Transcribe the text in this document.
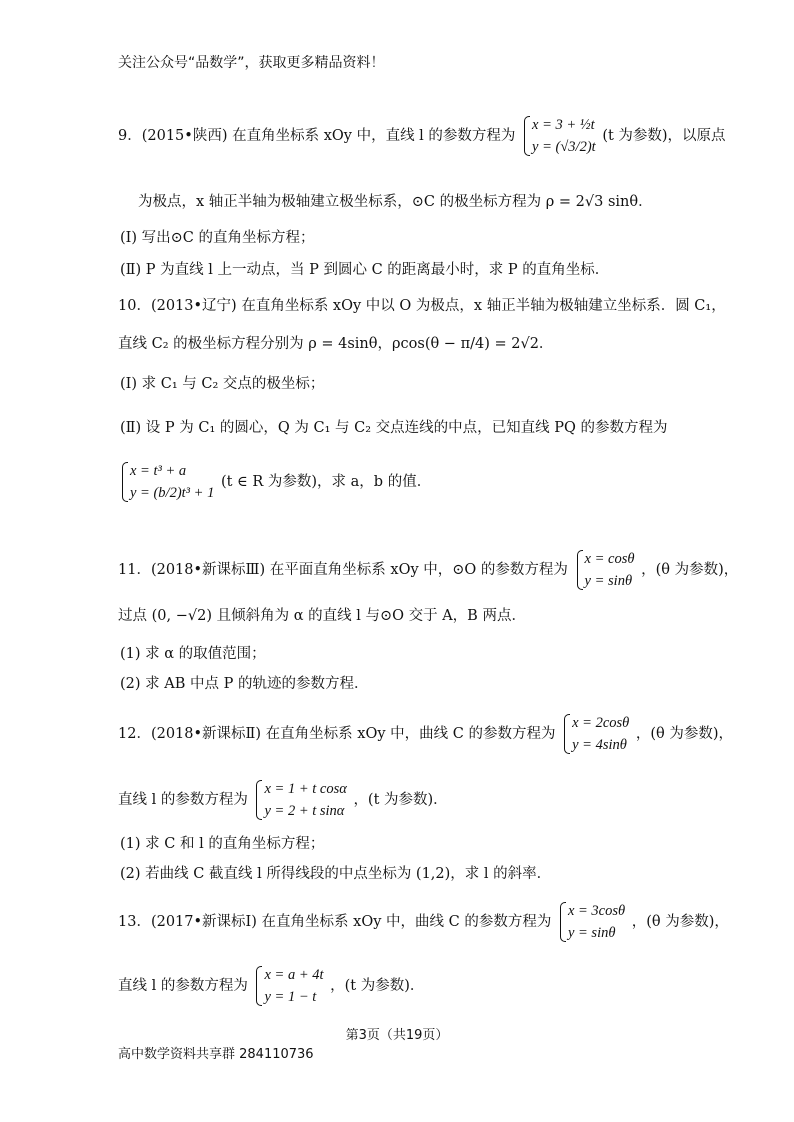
关注公众号“品数学”，获取更多精品资料！
9．(2015•陕西) 在直角坐标系 xOy 中，直线 l 的参数方程为
x = 3 + ½t
y = (√3/2)t
(t 为参数)，以原点
为极点，x 轴正半轴为极轴建立极坐标系，⊙C 的极坐标方程为 ρ = 2√3 sinθ．
(Ⅰ) 写出⊙C 的直角坐标方程；
(Ⅱ) P 为直线 l 上一动点，当 P 到圆心 C 的距离最小时，求 P 的直角坐标．
10．(2013•辽宁) 在直角坐标系 xOy 中以 O 为极点，x 轴正半轴为极轴建立坐标系．圆 C₁，
直线 C₂ 的极坐标方程分别为 ρ = 4sinθ，ρcos(θ − π/4) = 2√2．
(Ⅰ) 求 C₁ 与 C₂ 交点的极坐标；
(Ⅱ) 设 P 为 C₁ 的圆心，Q 为 C₁ 与 C₂ 交点连线的中点，已知直线 PQ 的参数方程为
x = t³ + a
y = (b/2)t³ + 1
(t ∈ R 为参数)，求 a，b 的值．
11．(2018•新课标Ⅲ) 在平面直角坐标系 xOy 中，⊙O 的参数方程为
x = cosθ
y = sinθ
，(θ 为参数)，
过点 (0, −√2) 且倾斜角为 α 的直线 l 与⊙O 交于 A，B 两点．
(1) 求 α 的取值范围；
(2) 求 AB 中点 P 的轨迹的参数方程．
12．(2018•新课标Ⅱ) 在直角坐标系 xOy 中，曲线 C 的参数方程为
x = 2cosθ
y = 4sinθ
，(θ 为参数)，
直线 l 的参数方程为
x = 1 + t cosα
y = 2 + t sinα
，(t 为参数)．
(1) 求 C 和 l 的直角坐标方程；
(2) 若曲线 C 截直线 l 所得线段的中点坐标为 (1,2)，求 l 的斜率．
13．(2017•新课标Ⅰ) 在直角坐标系 xOy 中，曲线 C 的参数方程为
x = 3cosθ
y = sinθ
，(θ 为参数)，
直线 l 的参数方程为
x = a + 4t
y = 1 − t
，(t 为参数)．
第3页（共19页）
高中数学资料共享群 284110736
